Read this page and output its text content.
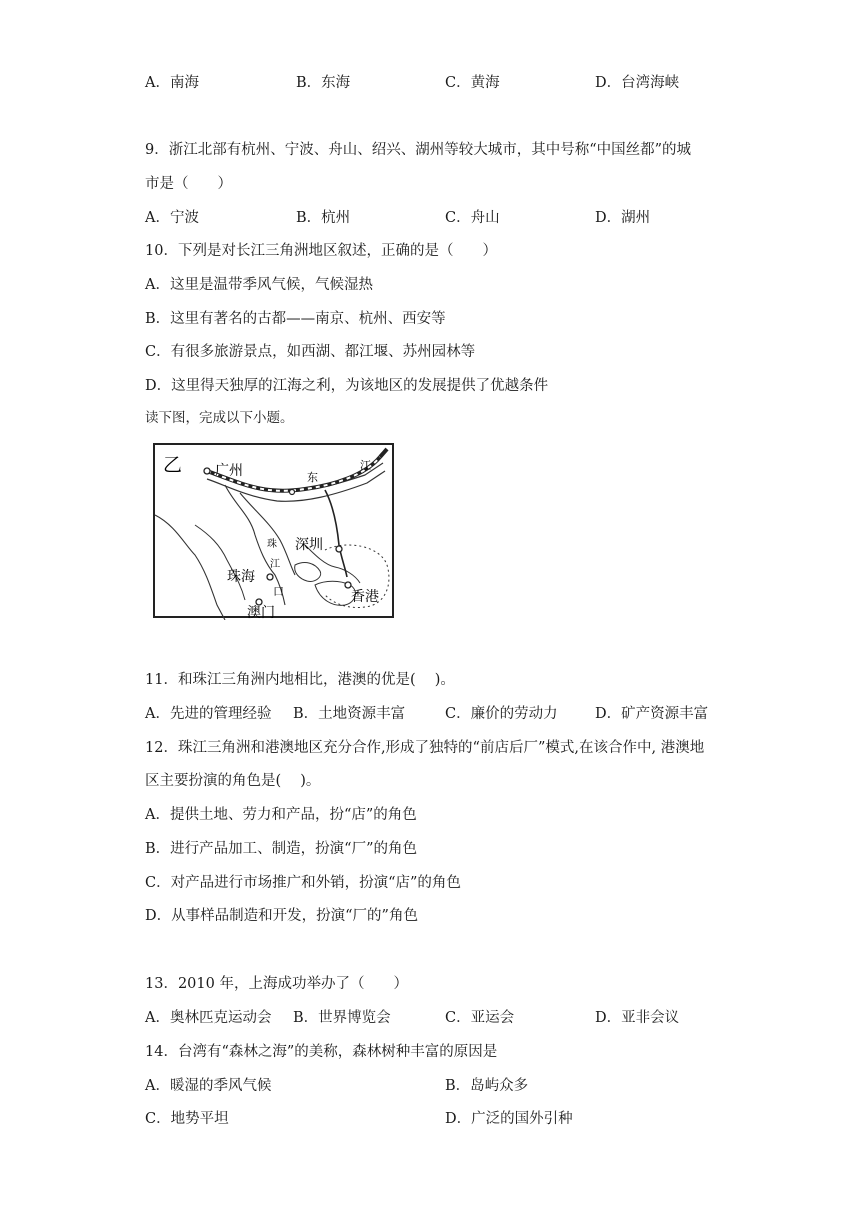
A．南海	B．东海	C．黄海	D．台湾海峡
9．浙江北部有杭州、宁波、舟山、绍兴、湖州等较大城市，其中号称“中国丝都”的城
市是（　　）
A．宁波	B．杭州	C．舟山	D．湖州
10．下列是对长江三角洲地区叙述，正确的是（　　）
A．这里是温带季风气候，气候湿热
B．这里有著名的古都——南京、杭州、西安等
C．有很多旅游景点，如西湖、都江堰、苏州园林等
D．这里得天独厚的江海之利，为该地区的发展提供了优越条件
读下图，完成以下小题。
乙 广州	东
江
珠 深圳
江
珠海
口
澳门
香港
11．和珠江三角洲内地相比，港澳的优是(　 )。
A．先进的管理经验 B．土地资源丰富	C．廉价的劳动力	D．矿产资源丰富
12．珠江三角洲和港澳地区充分合作,形成了独特的“前店后厂”模式,在该合作中, 港澳地
区主要扮演的角色是(　 )。
A．提供土地、劳力和产品，扮“店”的角色
B．进行产品加工、制造，扮演“厂”的角色
C．对产品进行市场推广和外销，扮演“店”的角色
D．从事样品制造和开发，扮演“厂的”角色
13．2010 年，上海成功举办了（　　）
A．奥林匹克运动会 B．世界博览会	C．亚运会	D．亚非会议
14．台湾有“森林之海”的美称，森林树种丰富的原因是
A．暖湿的季风气候	B．岛屿众多
C．地势平坦	D．广泛的国外引种
